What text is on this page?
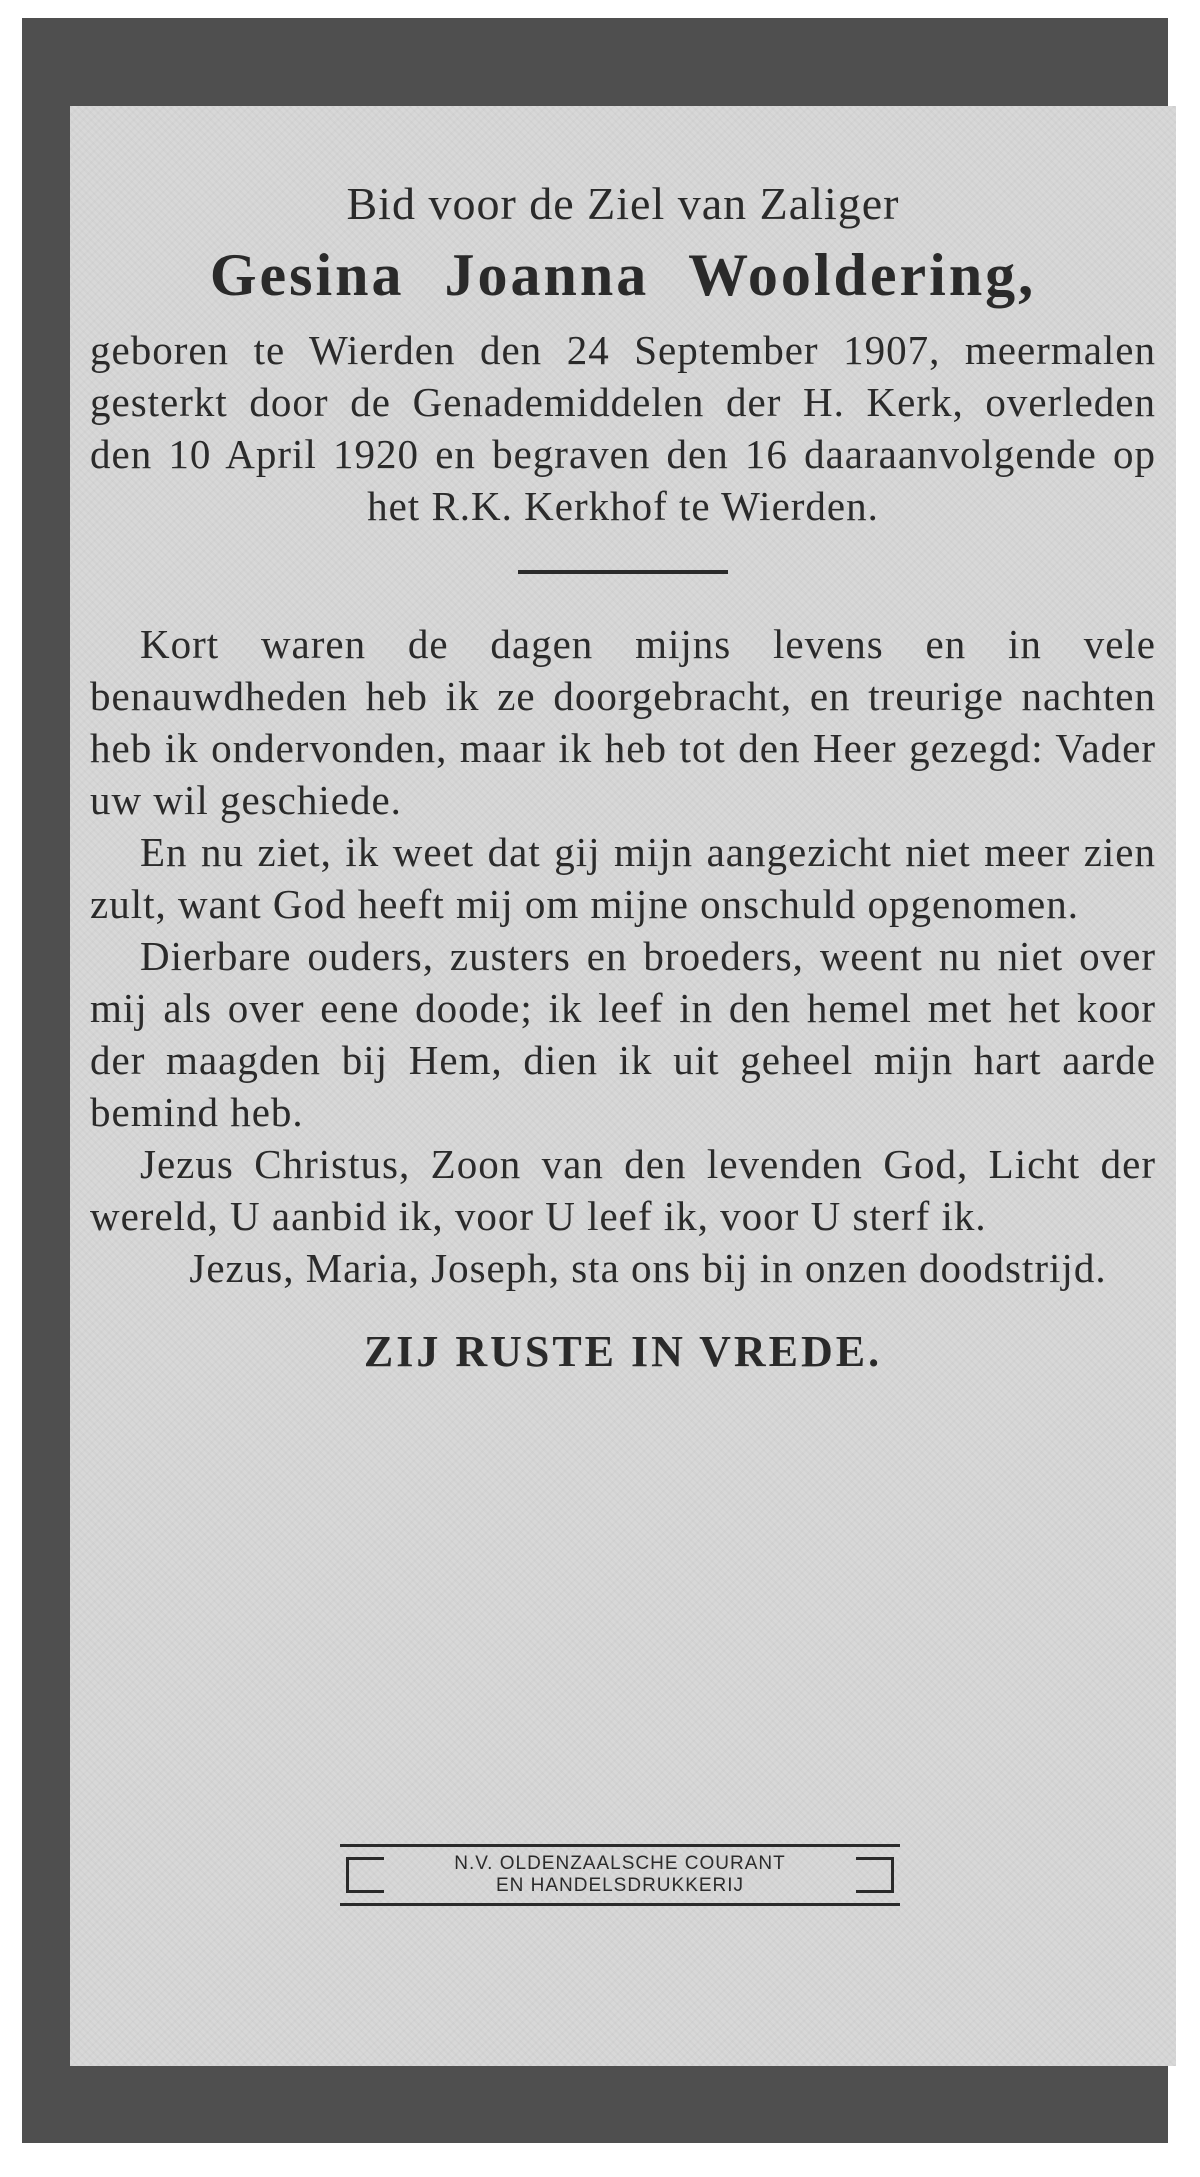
Bid voor de Ziel van Zaliger

Gesina Joanna Wooldering,

geboren te Wierden den 24 September 1907, meermalen gesterkt door de Genademiddelen der H. Kerk, overleden den 10 April 1920 en begraven den 16 daaraanvolgende op het R.K. Kerkhof te Wierden.

Kort waren de dagen mijns levens en in vele benauwdheden heb ik ze doorgebracht, en treurige nachten heb ik ondervonden, maar ik heb tot den Heer gezegd: Vader uw wil geschiede.

En nu ziet, ik weet dat gij mijn aangezicht niet meer zien zult, want God heeft mij om mijne onschuld opgenomen.

Dierbare ouders, zusters en broeders, weent nu niet over mij als over eene doode; ik leef in den hemel met het koor der maagden bij Hem, dien ik uit geheel mijn hart aarde bemind heb.

Jezus Christus, Zoon van den levenden God, Licht der wereld, U aanbid ik, voor U leef ik, voor U sterf ik.

Jezus, Maria, Joseph, sta ons bij in onzen doodstrijd.

ZIJ RUSTE IN VREDE.

N.V. OLDENZAALSCHE COURANT
EN HANDELSDRUKKERIJ
